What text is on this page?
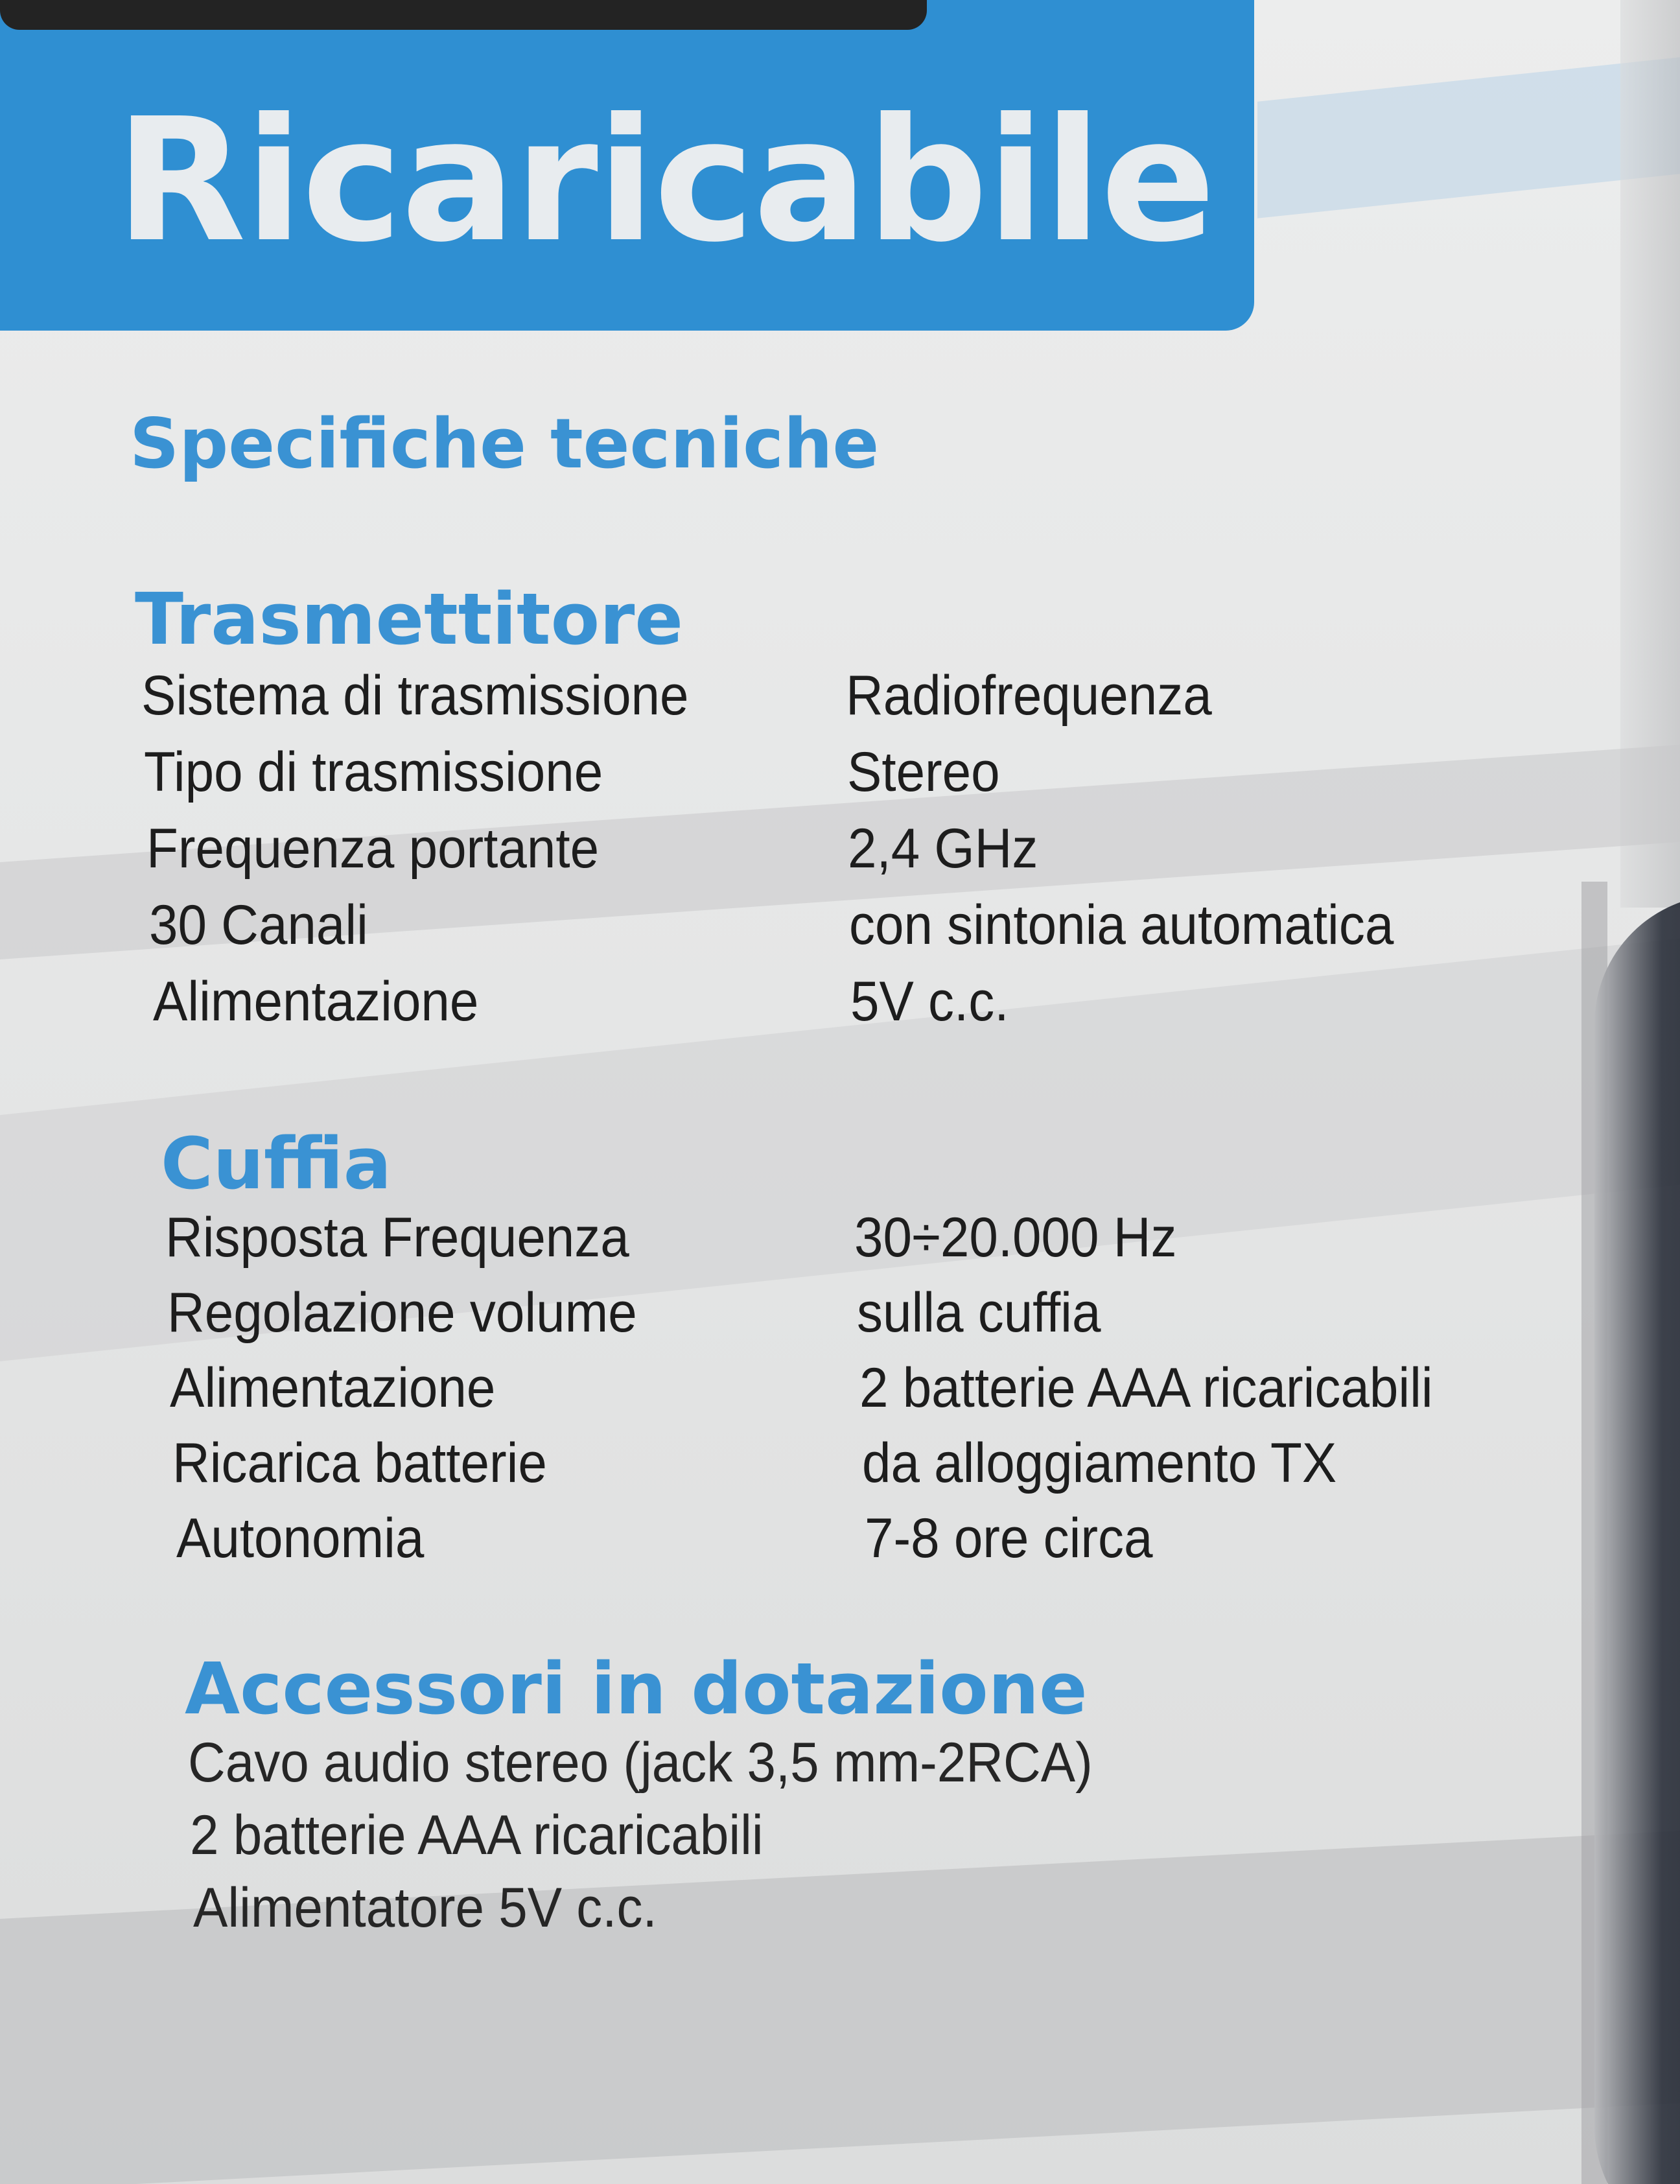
Ricaricabile
Specifiche tecniche
Trasmettitore
Sistema di trasmissione	Radiofrequenza
Tipo di trasmissione	Stereo
Frequenza portante	2,4 GHz
30 Canali	con sintonia automatica
Alimentazione	5V c.c.
Cuffia
Risposta Frequenza	30÷20.000 Hz
Regolazione volume	sulla cuffia
Alimentazione	2 batterie AAA ricaricabili
Ricarica batterie	da alloggiamento TX
Autonomia	7-8 ore circa
Accessori in dotazione
Cavo audio stereo (jack 3,5 mm-2RCA)
2 batterie AAA ricaricabili
Alimentatore 5V c.c.
